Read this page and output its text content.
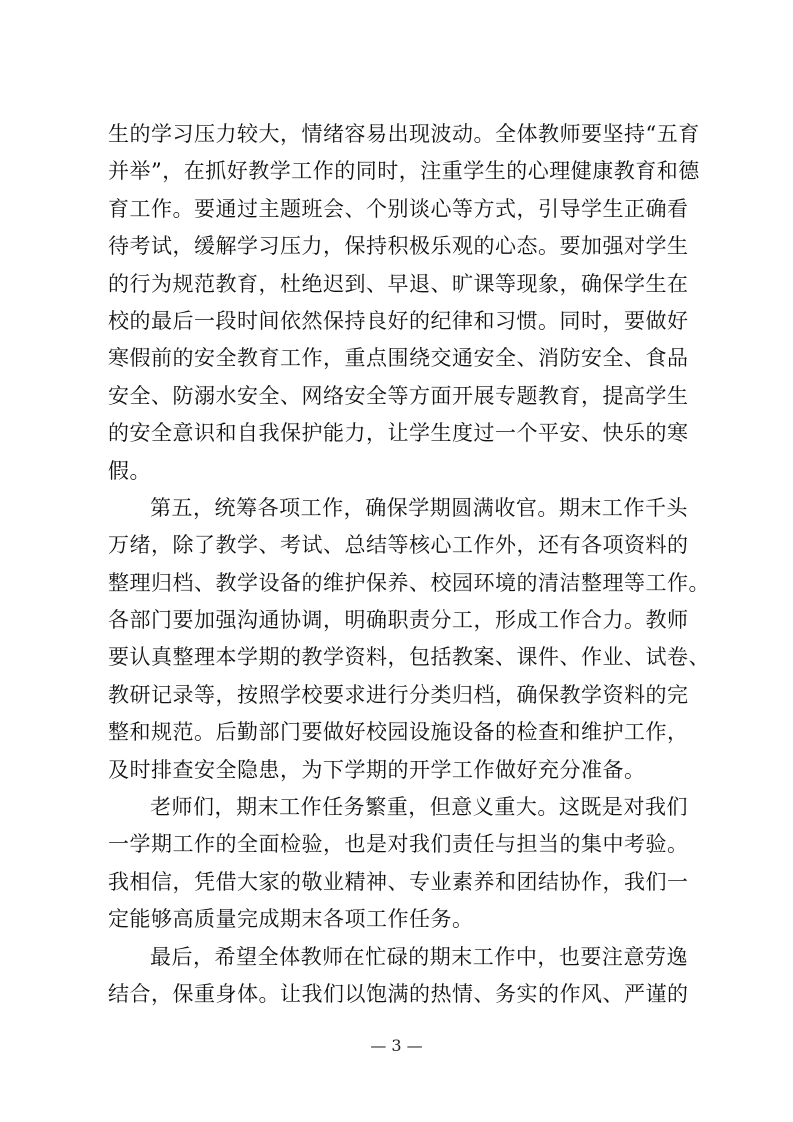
生的学习压力较大，情绪容易出现波动。全体教师要坚持“五育
并举”，在抓好教学工作的同时，注重学生的心理健康教育和德
育工作。要通过主题班会、个别谈心等方式，引导学生正确看
待考试，缓解学习压力，保持积极乐观的心态。要加强对学生
的行为规范教育，杜绝迟到、早退、旷课等现象，确保学生在
校的最后一段时间依然保持良好的纪律和习惯。同时，要做好
寒假前的安全教育工作，重点围绕交通安全、消防安全、食品
安全、防溺水安全、网络安全等方面开展专题教育，提高学生
的安全意识和自我保护能力，让学生度过一个平安、快乐的寒
假。
第五，统筹各项工作，确保学期圆满收官。期末工作千头
万绪，除了教学、考试、总结等核心工作外，还有各项资料的
整理归档、教学设备的维护保养、校园环境的清洁整理等工作。
各部门要加强沟通协调，明确职责分工，形成工作合力。教师
要认真整理本学期的教学资料，包括教案、课件、作业、试卷、
教研记录等，按照学校要求进行分类归档，确保教学资料的完
整和规范。后勤部门要做好校园设施设备的检查和维护工作，
及时排查安全隐患，为下学期的开学工作做好充分准备。
老师们，期末工作任务繁重，但意义重大。这既是对我们
一学期工作的全面检验，也是对我们责任与担当的集中考验。
我相信，凭借大家的敬业精神、专业素养和团结协作，我们一
定能够高质量完成期末各项工作任务。
最后，希望全体教师在忙碌的期末工作中，也要注意劳逸
结合，保重身体。让我们以饱满的热情、务实的作风、严谨的
— 3 —
